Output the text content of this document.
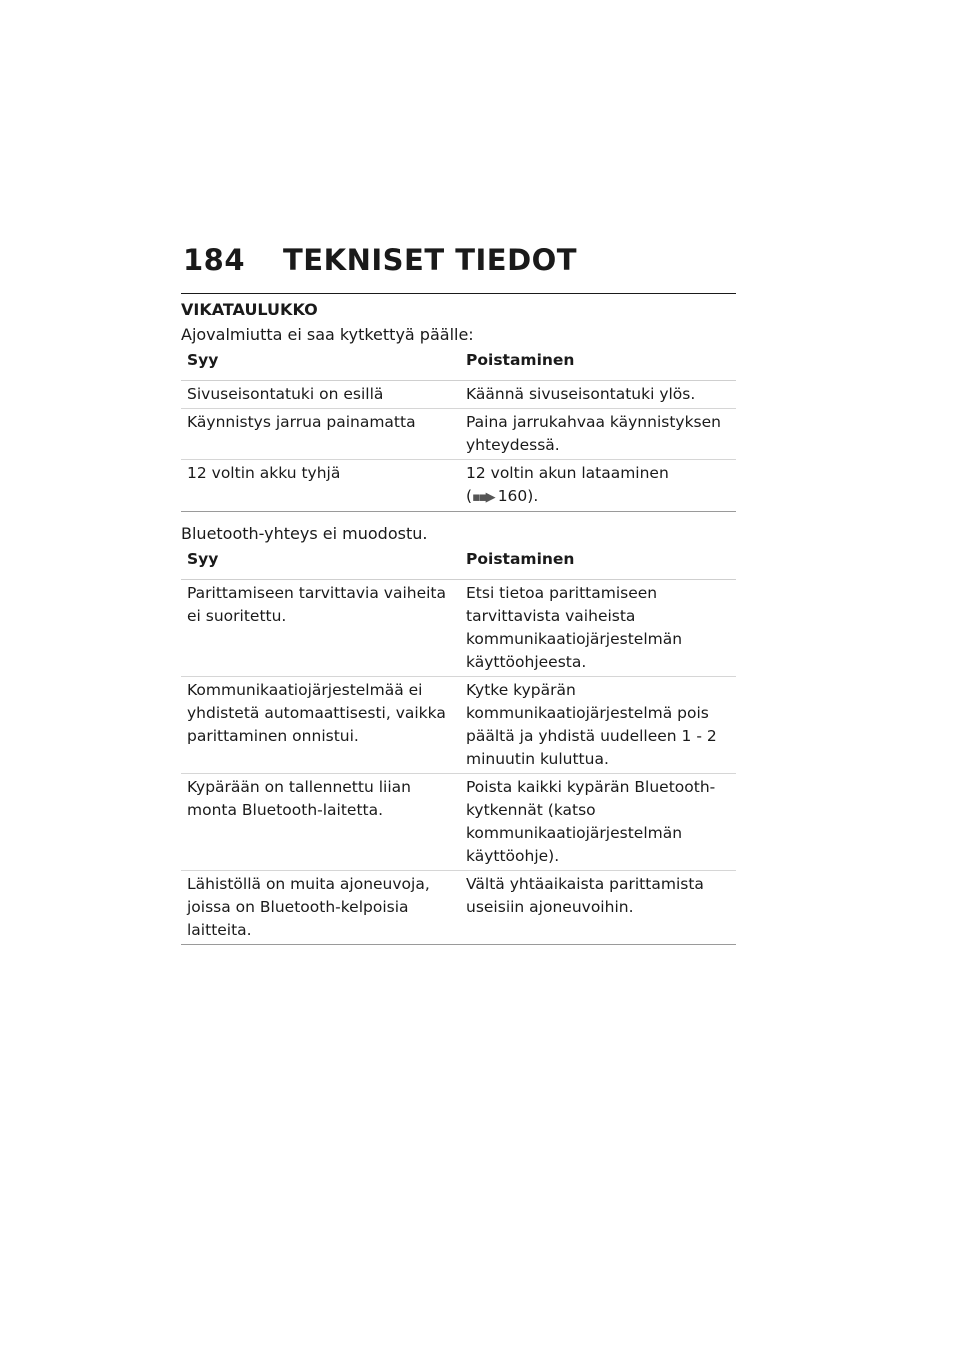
184	TEKNISET TIEDOT
VIKATAULUKKO

Ajovalmiutta ei saa kytkettyä päälle:

Syy	Poistaminen
Sivuseisontatuki on esillä	Käännä sivuseisontatuki ylös.
Käynnistys jarrua painamatta	Paina jarrukahvaa käynnistyksen yhteydessä.
12 voltin akku tyhjä	12 voltin akun lataaminen
(▪▪▶ 160).

Bluetooth-yhteys ei muodostu.

Syy	Poistaminen
Parittamiseen tarvittavia vaiheita ei suoritettu.	Etsi tietoa parittamiseen tarvittavista vaiheista kommunikaatiojärjestelmän käyttöohjeesta.
Kommunikaatiojärjestelmää ei yhdistetä automaattisesti, vaikka parittaminen onnistui.	Kytke kypärän kommunikaatiojärjestelmä pois päältä ja yhdistä uudelleen 1 - 2 minuutin kuluttua.
Kypärään on tallennettu liian monta Bluetooth-laitetta.	Poista kaikki kypärän Bluetooth-kytkennät (katso kommunikaatiojärjestelmän käyttöohje).
Lähistöllä on muita ajoneuvoja, joissa on Bluetooth-kelpoisia laitteita.	Vältä yhtäaikaista parittamista useisiin ajoneuvoihin.
